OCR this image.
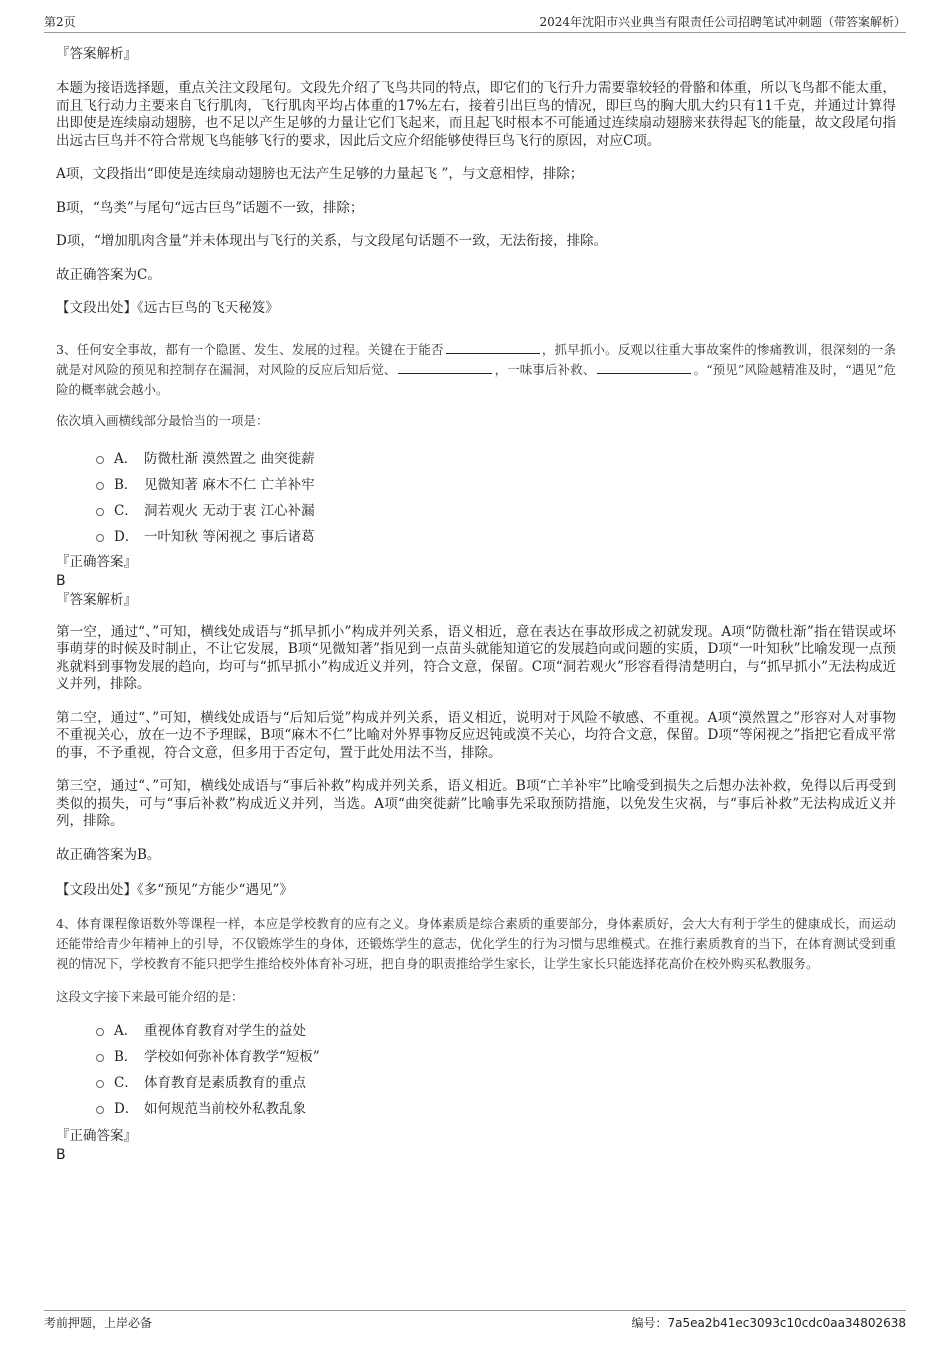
第2页	2024年沈阳市兴业典当有限责任公司招聘笔试冲刺题（带答案解析）

『答案解析』

本题为接语选择题，重点关注文段尾句。文段先介绍了飞鸟共同的特点，即它们的飞行升力需要靠较轻的骨骼和体重，所以飞鸟都不能太重，而且飞行动力主要来自飞行肌肉，飞行肌肉平均占体重的17%左右，接着引出巨鸟的情况，即巨鸟的胸大肌大约只有11千克，并通过计算得出即使是连续扇动翅膀，也不足以产生足够的力量让它们飞起来，而且起飞时根本不可能通过连续扇动翅膀来获得起飞的能量，故文段尾句指出远古巨鸟并不符合常规飞鸟能够飞行的要求，因此后文应介绍能够使得巨鸟飞行的原因，对应C项。

A项，文段指出“即使是连续扇动翅膀也无法产生足够的力量起飞 ”，与文意相悖，排除；

B项，“鸟类”与尾句“远古巨鸟”话题不一致，排除；

D项，“增加肌肉含量”并未体现出与飞行的关系，与文段尾句话题不一致，无法衔接，排除。

故正确答案为C。

【文段出处】《远古巨鸟的飞天秘笈》

3、任何安全事故，都有一个隐匿、发生、发展的过程。关键在于能否	，抓早抓小。反观以往重大事故案件的惨痛教训，很深刻的一条就是对风险的预见和控制存在漏洞，对风险的反应后知后觉、	，一味事后补救、	。“预见”风险越精准及时，“遇见”危险的概率就会越小。

依次填入画横线部分最恰当的一项是：

A． 防微杜渐 漠然置之 曲突徙薪
B． 见微知著 麻木不仁 亡羊补牢
C． 洞若观火 无动于衷 江心补漏
D． 一叶知秋 等闲视之 事后诸葛

『正确答案』

B

『答案解析』

第一空，通过“、”可知，横线处成语与“抓早抓小”构成并列关系，语义相近，意在表达在事故形成之初就发现。A项“防微杜渐”指在错误或坏事萌芽的时候及时制止，不让它发展，B项“见微知著”指见到一点苗头就能知道它的发展趋向或问题的实质，D项“一叶知秋”比喻发现一点预兆就料到事物发展的趋向，均可与“抓早抓小”构成近义并列，符合文意，保留。C项“洞若观火”形容看得清楚明白，与“抓早抓小”无法构成近义并列，排除。

第二空，通过“、”可知，横线处成语与“后知后觉”构成并列关系，语义相近，说明对于风险不敏感、不重视。A项“漠然置之”形容对人对事物不重视关心，放在一边不予理睬，B项“麻木不仁”比喻对外界事物反应迟钝或漠不关心，均符合文意，保留。D项“等闲视之”指把它看成平常的事，不予重视，符合文意，但多用于否定句，置于此处用法不当，排除。

第三空，通过“、”可知，横线处成语与“事后补救”构成并列关系，语义相近。B项“亡羊补牢”比喻受到损失之后想办法补救，免得以后再受到类似的损失，可与“事后补救”构成近义并列，当选。A项“曲突徙薪”比喻事先采取预防措施，以免发生灾祸，与“事后补救”无法构成近义并列，排除。

故正确答案为B。

【文段出处】《多“预见”方能少“遇见”》

4、体育课程像语数外等课程一样，本应是学校教育的应有之义。身体素质是综合素质的重要部分，身体素质好，会大大有利于学生的健康成长，而运动还能带给青少年精神上的引导，不仅锻炼学生的身体，还锻炼学生的意志，优化学生的行为习惯与思维模式。在推行素质教育的当下，在体育测试受到重视的情况下，学校教育不能只把学生推给校外体育补习班，把自身的职责推给学生家长，让学生家长只能选择花高价在校外购买私教服务。

这段文字接下来最可能介绍的是：

A． 重视体育教育对学生的益处
B． 学校如何弥补体育教学“短板”
C． 体育教育是素质教育的重点
D． 如何规范当前校外私教乱象

『正确答案』

B

考前押题，上岸必备	编号：7a5ea2b41ec3093c10cdc0aa34802638
